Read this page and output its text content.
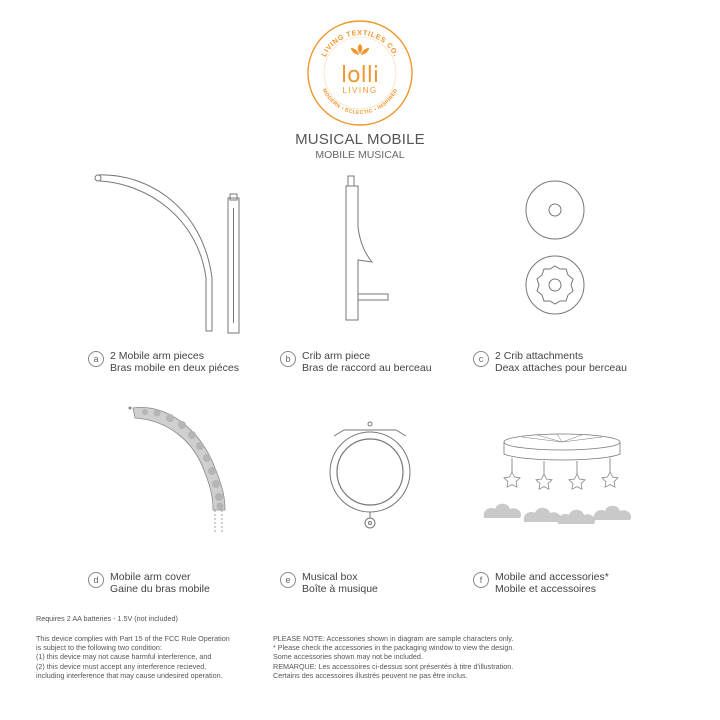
LIVING TEXTILES CO.
MODERN • ECLECTIC • INSPIRED
lolli
LIVING
MUSICAL MOBILE
MOBILE MUSICAL
a	2 Mobile arm pieces
Bras mobile en deux piéces
b	Crib arm piece
Bras de raccord au berceau
c	2 Crib attachments
Deax attaches pour berceau
d	Mobile arm cover
Gaine du bras mobile
e	Musical box
Boîte à musique
f	Mobile and accessories*
Mobile et accessoires
Requires 2 AA batteries - 1.5V (not included)
This device complies with Part 15 of the FCC Rule Operation
is subject to the following two condition:
(1) this device may not cause harmful interference, and
(2) this device must accept any interference recieved,
including interference that may cause undesired operation.
PLEASE NOTE: Accessories shown in diagram are sample characters only.
* Please check the accessories in the packaging window to view the design.
Some accessories shown may not be included.
REMARQUE: Les accessoires ci-dessus sont présentés à titre d'illustration.
Certains des accessoires illustrés peuvent ne pas être inclus.
